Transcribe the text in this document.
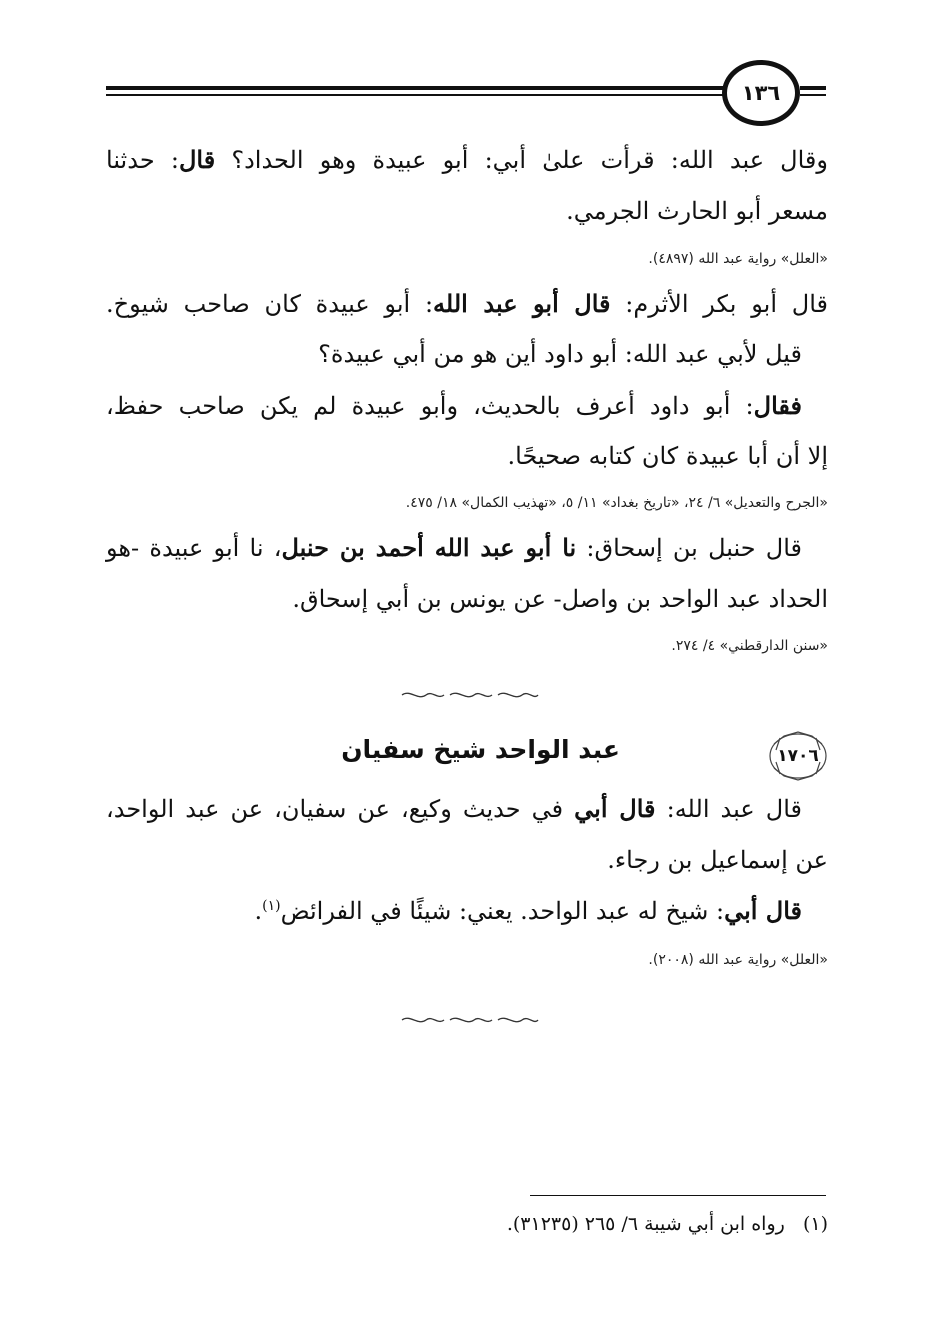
١٣٦
وقال عبد الله: قرأت علىٰ أبي: أبو عبيدة وهو الحداد؟ قال: حدثنا
مسعر أبو الحارث الجرمي.
«العلل» رواية عبد الله (٤٨٩٧).
قال أبو بكر الأثرم: قال أبو عبد الله: أبو عبيدة كان صاحب شيوخ.
قيل لأبي عبد الله: أبو داود أين هو من أبي عبيدة؟
فقال: أبو داود أعرف بالحديث، وأبو عبيدة لم يكن صاحب حفظ،
إلا أن أبا عبيدة كان كتابه صحيحًا.
«الجرح والتعديل» ٦/ ٢٤، «تاريخ بغداد» ١١/ ٥، «تهذيب الكمال» ١٨/ ٤٧٥.
قال حنبل بن إسحاق: نا أبو عبد الله أحمد بن حنبل، نا أبو عبيدة -هو
الحداد عبد الواحد بن واصل- عن يونس بن أبي إسحاق.
«سنن الدارقطني» ٤/ ٢٧٤.
١٧٠٦
عبد الواحد شيخ سفيان
قال عبد الله: قال أبي في حديث وكيع، عن سفيان، عن عبد الواحد،
عن إسماعيل بن رجاء.
قال أبي: شيخ له عبد الواحد. يعني: شيئًا في الفرائض$^{(١)}$.
«العلل» رواية عبد الله (٢٠٠٨).
(١)   رواه ابن أبي شيبة ٦/ ٢٦٥ (٣١٢٣٥).
